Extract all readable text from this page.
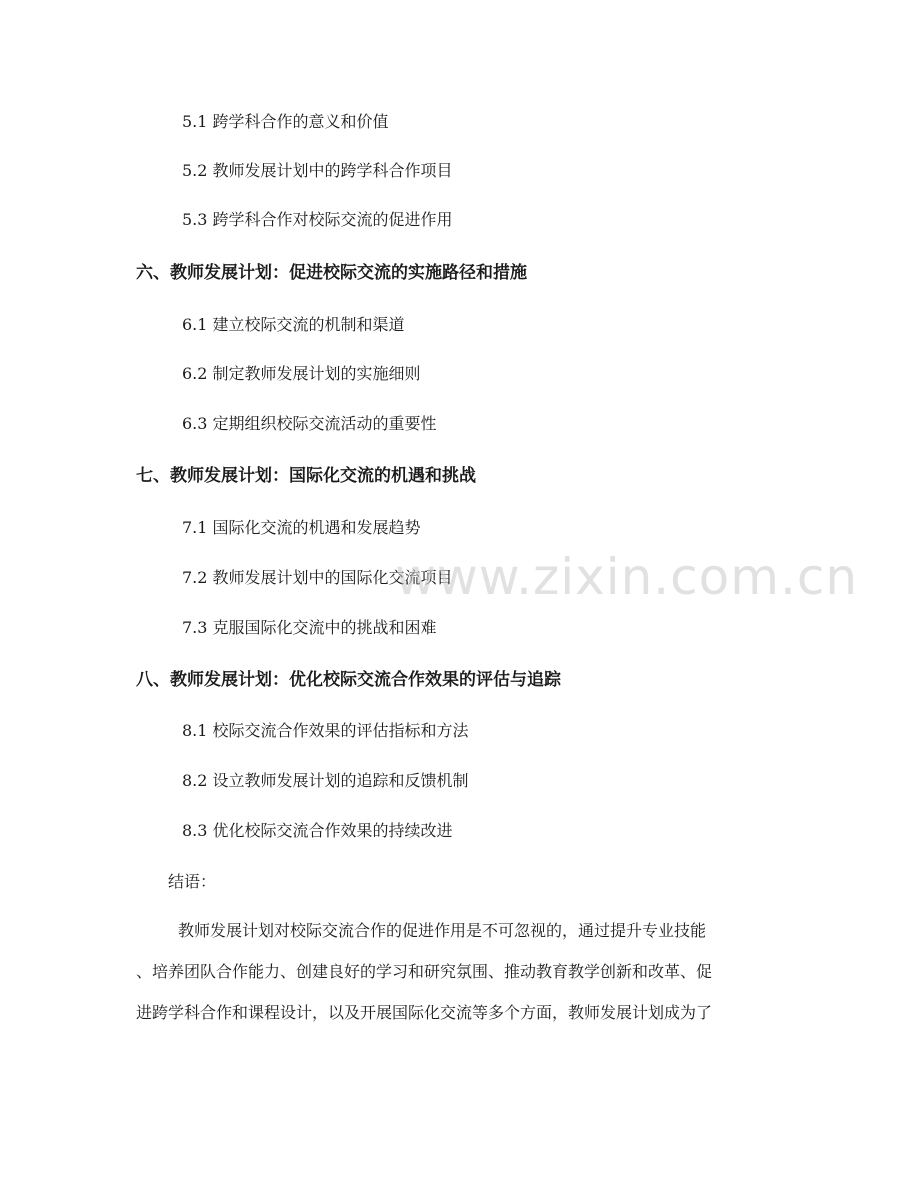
5.1 跨学科合作的意义和价值
5.2 教师发展计划中的跨学科合作项目
5.3 跨学科合作对校际交流的促进作用
六、教师发展计划：促进校际交流的实施路径和措施
6.1 建立校际交流的机制和渠道
6.2 制定教师发展计划的实施细则
6.3 定期组织校际交流活动的重要性
七、教师发展计划：国际化交流的机遇和挑战
7.1 国际化交流的机遇和发展趋势
7.2 教师发展计划中的国际化交流项目
7.3 克服国际化交流中的挑战和困难
八、教师发展计划：优化校际交流合作效果的评估与追踪
8.1 校际交流合作效果的评估指标和方法
8.2 设立教师发展计划的追踪和反馈机制
8.3 优化校际交流合作效果的持续改进
结语：
教师发展计划对校际交流合作的促进作用是不可忽视的，通过提升专业技能
、培养团队合作能力、创建良好的学习和研究氛围、推动教育教学创新和改革、促
进跨学科合作和课程设计，以及开展国际化交流等多个方面，教师发展计划成为了
www.zixin.com.cn
